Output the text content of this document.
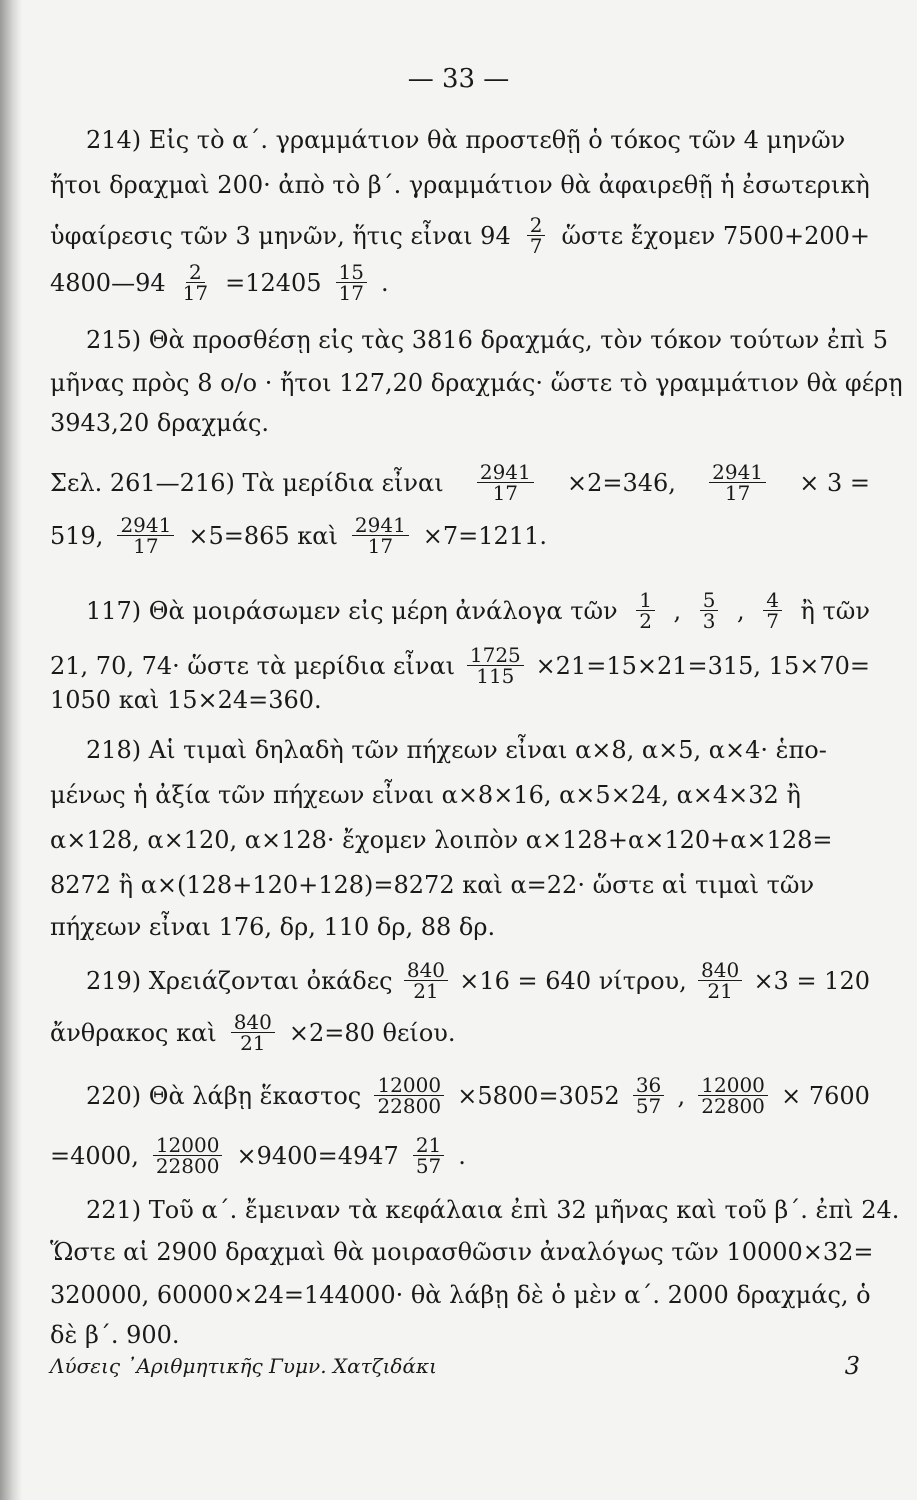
— 33 —
214) Εἰς τὸ α΄. γραμμάτιον θὰ προστεθῇ ὁ τόκος τῶν 4 μηνῶν
ἤτοι δραχμαὶ 200· ἀπὸ τὸ β΄. γραμμάτιον θὰ ἀφαιρεθῇ ἡ ἐσωτερικὴ
ὑφαίρεσις τῶν 3 μηνῶν, ἥτις εἶναι $94 \frac{2}{7}$ ὥστε ἔχομεν 7500+200+
4800—94 $\frac{2}{17} =12405 \frac{15}{17}$ .
215) Θὰ προσθέσῃ εἰς τὰς 3816 δραχμάς, τὸν τόκον τούτων ἐπὶ 5
μῆνας πρὸς 8 ο/ο · ἤτοι 127,20 δραχμάς· ὥστε τὸ γραμμάτιον θὰ φέρῃ
3943,20 δραχμάς.
Σελ. 261—216) Τὰ μερίδια εἶναι $\frac{2941}{17} \times 2=346$, $\frac{2941}{17} \times 3$ =
519, $\frac{2941}{17} \times 5=865$ καὶ $\frac{2941}{17} \times 7=1211$.
117) Θὰ μοιράσωμεν εἰς μέρη ἀνάλογα τῶν $\frac{1}{2}$ , $\frac{5}{3}$ , $\frac{4}{7}$ ἢ τῶν
21, 70, 74· ὥστε τὰ μερίδια εἶναι $\frac{1725}{115} \times 21=15\times 21=315$, 15×70=
1050 καὶ 15×24=360.
218) Αἱ τιμαὶ δηλαδὴ τῶν πήχεων εἶναι α×8, α×5, α×4· ἑπο-
μένως ἡ ἀξία τῶν πήχεων εἶναι α×8×16, α×5×24, α×4×32 ἢ
α×128, α×120, α×128· ἔχομεν λοιπὸν α×128+α×120+α×128=
8272 ἢ α×(128+120+128)=8272 καὶ α=22· ὥστε αἱ τιμαὶ τῶν
πήχεων εἶναι 176, δρ, 110 δρ, 88 δρ.
219) Χρειάζονται ὀκάδες $\frac{840}{21} \times 16 = 640$ νίτρου, $\frac{840}{21} \times 3 = 120$
ἄνθρακος καὶ $\frac{840}{21} \times 2=80$ θείου.
220) Θὰ λάβῃ ἕκαστος $\frac{12000}{22800} \times 5800=3052 \frac{36}{57}$ , $\frac{12000}{22800} \times 7600$
=4000, $\frac{12000}{22800} \times 9400=4947 \frac{21}{57}$ .
221) Τοῦ α΄. ἔμειναν τὰ κεφάλαια ἐπὶ 32 μῆνας καὶ τοῦ β΄. ἐπὶ 24.
Ὥστε αἱ 2900 δραχμαὶ θὰ μοιρασθῶσιν ἀναλόγως τῶν 10000×32=
320000, 60000×24=144000· θὰ λάβῃ δὲ ὁ μὲν α΄. 2000 δραχμάς, ὁ
δὲ β΄. 900.
Λύσεις ᾿Αριθμητικῆς Γυμν. Χατζιδάκι	3
